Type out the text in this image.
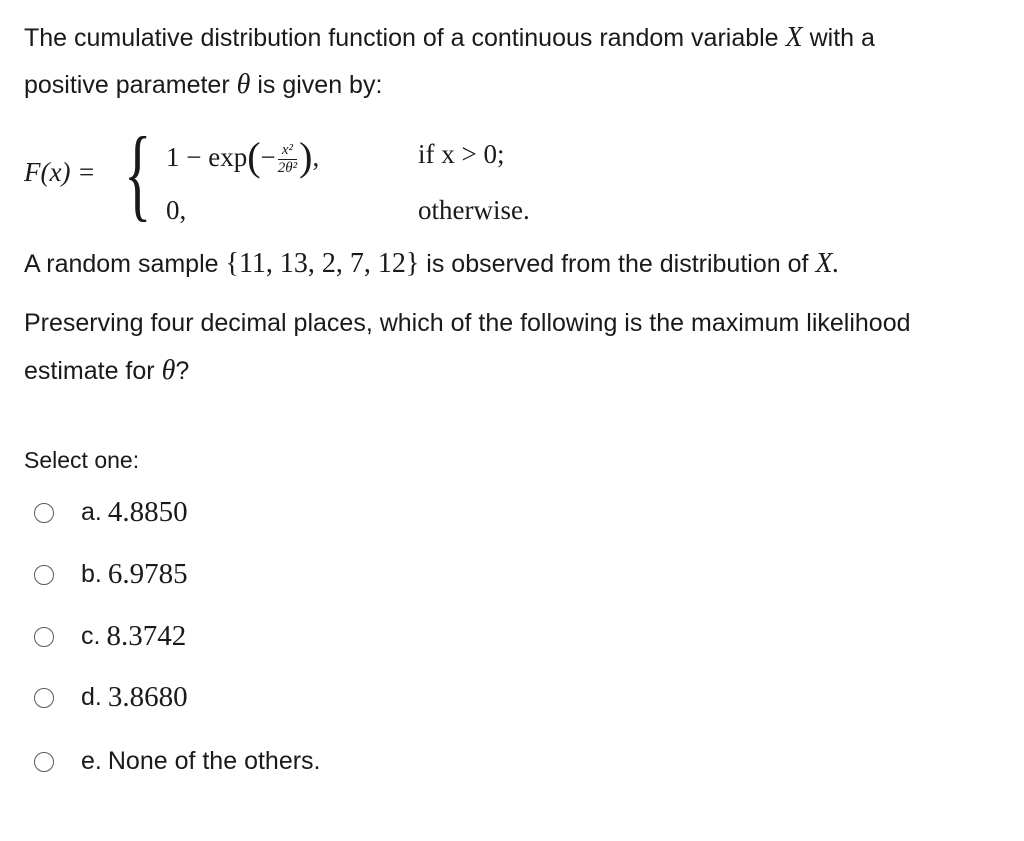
The cumulative distribution function of a continuous random variable X with a
positive parameter θ is given by:
F(x) = { $1 - \exp(- \frac{\text{x²}}{\text{2θ²}}$ ),	if x > 0;
0,	otherwise.
A random sample {11, 13, 2, 7, 12} is observed from the distribution of X.
Preserving four decimal places, which of the following is the maximum likelihood
estimate for θ?
Select one:
a. 4.8850
b. 6.9785
c. 8.3742
d. 3.8680
e. None of the others.
